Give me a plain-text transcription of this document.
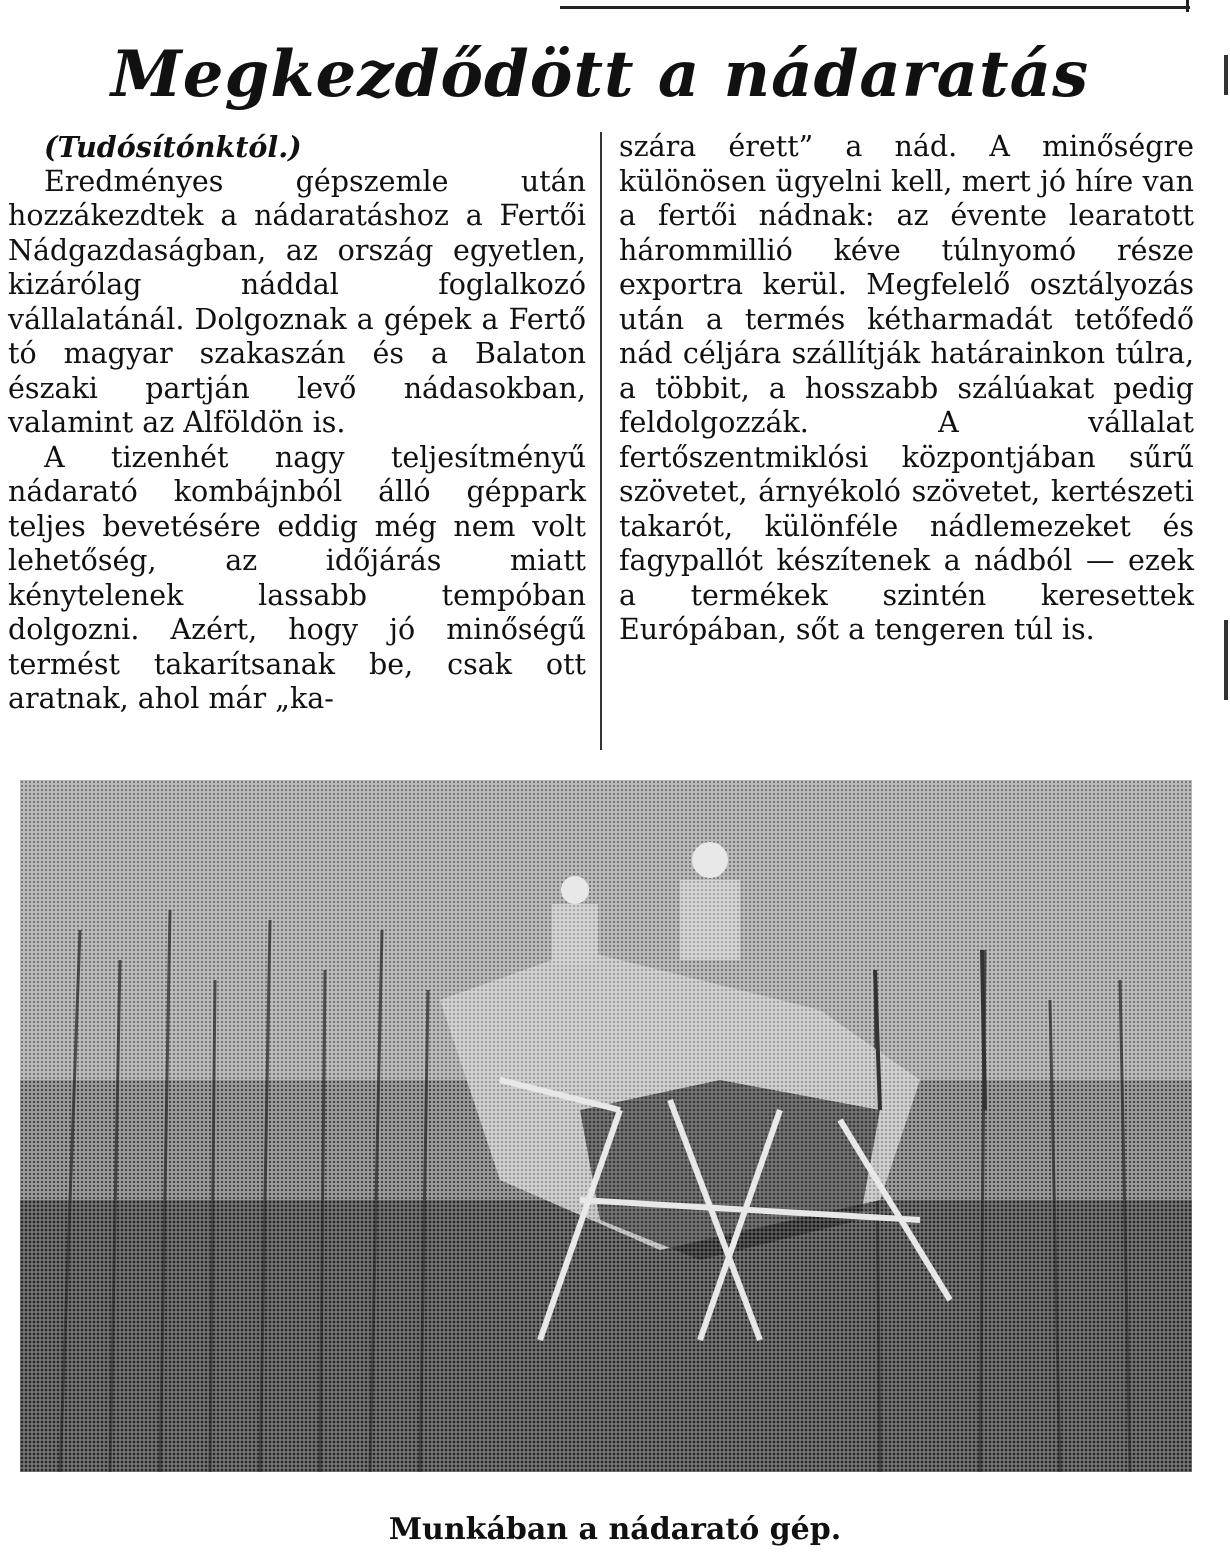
Megkezdődött a nádaratás

(Tudósítónktól.)

Eredményes gépszemle után hozzákezdtek a nádaratáshoz a Fertői Nádgazdaságban, az ország egyetlen, kizárólag náddal foglalkozó vállalatánál. Dolgoznak a gépek a Fertő tó magyar szakaszán és a Balaton északi partján levő nádasokban, valamint az Alföldön is.

A tizenhét nagy teljesítményű nádarató kombájnból álló géppark teljes bevetésére eddig még nem volt lehetőség, az időjárás miatt kénytelenek lassabb tempóban dolgozni. Azért, hogy jó minőségű termést takarítsanak be, csak ott aratnak, ahol már „ka-

szára érett” a nád. A minőségre különösen ügyelni kell, mert jó híre van a fertői nádnak: az évente learatott hárommillió kéve túlnyomó része exportra kerül. Megfelelő osztályozás után a termés kétharmadát tetőfedő nád céljára szállítják határainkon túlra, a többit, a hosszabb szálúakat pedig feldolgozzák. A vállalat fertőszentmiklósi központjában sűrű szövetet, árnyékoló szövetet, kertészeti takarót, különféle nádlemezeket és fagypallót készítenek a nádból — ezek a termékek szintén keresettek Európában, sőt a tengeren túl is.

Munkában a nádarató gép.
